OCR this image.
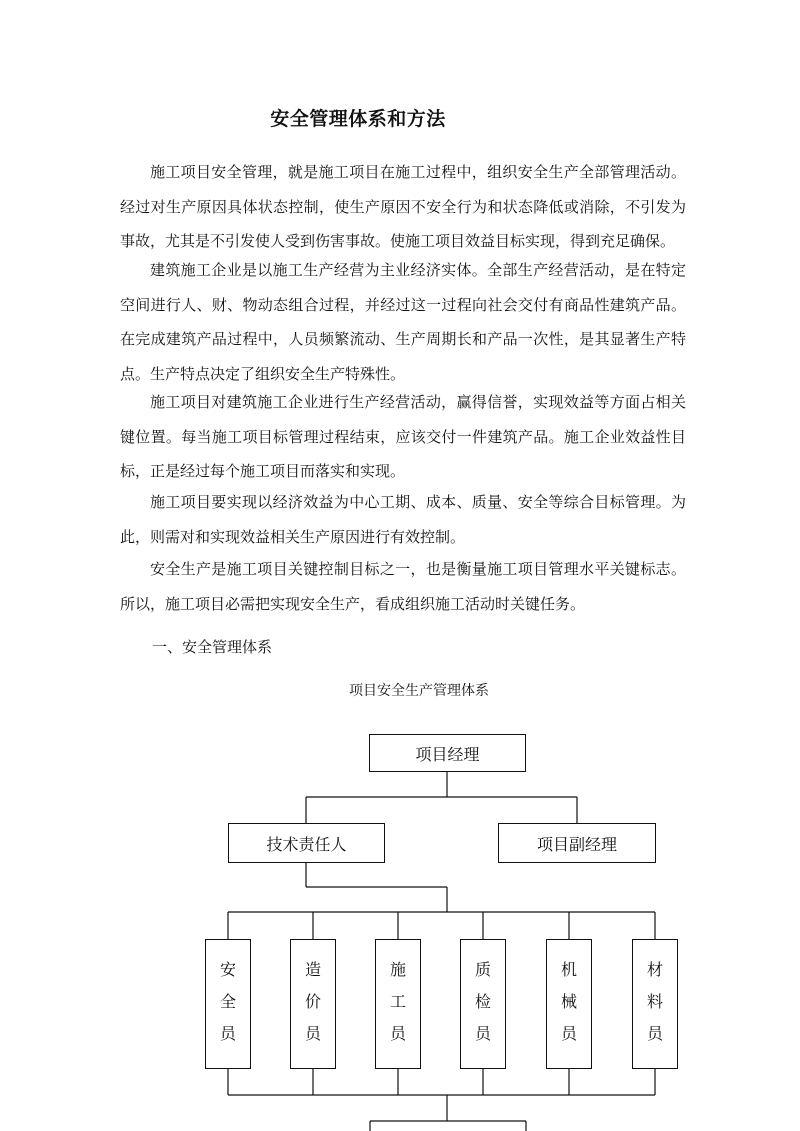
安全管理体系和方法

施工项目安全管理，就是施工项目在施工过程中，组织安全生产全部管理活动。经过对生产原因具体状态控制，使生产原因不安全行为和状态降低或消除，不引发为事故，尤其是不引发使人受到伤害事故。使施工项目效益目标实现，得到充足确保。

建筑施工企业是以施工生产经营为主业经济实体。全部生产经营活动，是在特定空间进行人、财、物动态组合过程，并经过这一过程向社会交付有商品性建筑产品。在完成建筑产品过程中，人员频繁流动、生产周期长和产品一次性，是其显著生产特点。生产特点决定了组织安全生产特殊性。

施工项目对建筑施工企业进行生产经营活动，赢得信誉，实现效益等方面占相关键位置。每当施工项目标管理过程结束，应该交付一件建筑产品。施工企业效益性目标，正是经过每个施工项目而落实和实现。

施工项目要实现以经济效益为中心工期、成本、质量、安全等综合目标管理。为此，则需对和实现效益相关生产原因进行有效控制。

安全生产是施工项目关键控制目标之一，也是衡量施工项目管理水平关键标志。所以，施工项目必需把实现安全生产，看成组织施工活动时关键任务。

一、安全管理体系
项目安全生产管理体系
项目经理
技术责任人	项目副经理
安
全
员
造
价
员
施
工
员
质
检
员
机
械
员
材
料
员
